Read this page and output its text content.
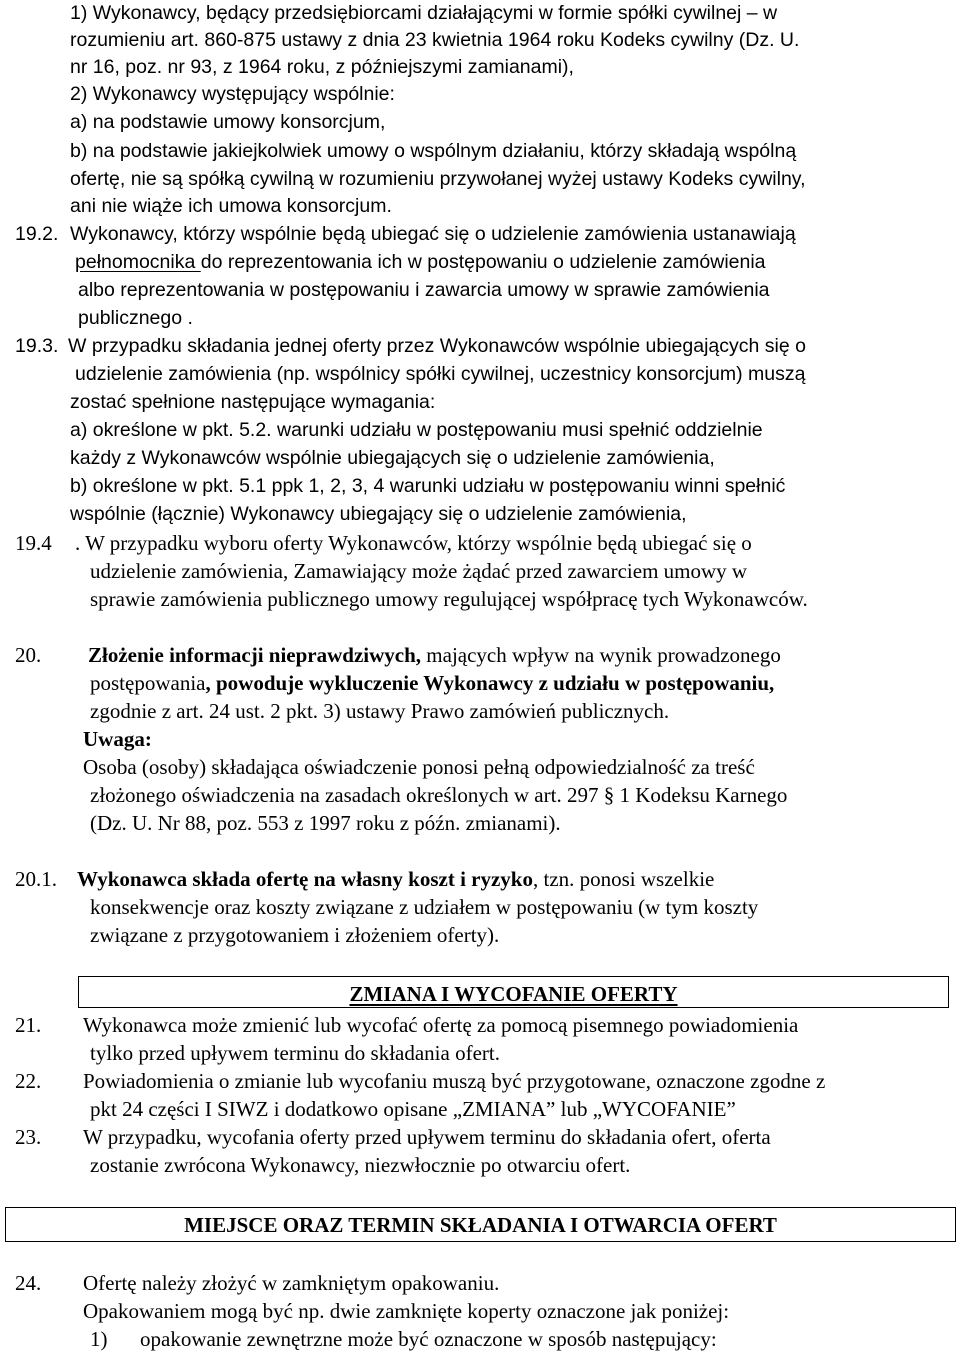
1) Wykonawcy, będący przedsiębiorcami działającymi w formie spółki cywilnej – w
rozumieniu art. 860-875 ustawy z dnia 23 kwietnia 1964 roku Kodeks cywilny (Dz. U.
nr 16, poz. nr 93, z 1964 roku, z późniejszymi zamianami),
2) Wykonawcy występujący wspólnie:
a) na podstawie umowy konsorcjum,
b) na podstawie jakiejkolwiek umowy o wspólnym działaniu, którzy składają wspólną
ofertę, nie są spółką cywilną w rozumieniu przywołanej wyżej ustawy Kodeks cywilny,
ani nie wiąże ich umowa konsorcjum.
19.2. Wykonawcy, którzy wspólnie będą ubiegać się o udzielenie zamówienia ustanawiają
pełnomocnika do reprezentowania ich w postępowaniu o udzielenie zamówienia
albo reprezentowania w postępowaniu i zawarcia umowy w sprawie zamówienia
publicznego .
19.3. W przypadku składania jednej oferty przez Wykonawców wspólnie ubiegających się o
udzielenie zamówienia (np. wspólnicy spółki cywilnej, uczestnicy konsorcjum) muszą
zostać spełnione następujące wymagania:
a) określone w pkt. 5.2. warunki udziału w postępowaniu musi spełnić oddzielnie
każdy z Wykonawców wspólnie ubiegających się o udzielenie zamówienia,
b) określone w pkt. 5.1 ppk 1, 2, 3, 4 warunki udziału w postępowaniu winni spełnić
wspólnie (łącznie) Wykonawcy ubiegający się o udzielenie zamówienia,
19.4 . W przypadku wyboru oferty Wykonawców, którzy wspólnie będą ubiegać się o
udzielenie zamówienia, Zamawiający może żądać przed zawarciem umowy w
sprawie zamówienia publicznego umowy regulującej współpracę tych Wykonawców.
20. Złożenie informacji nieprawdziwych, mających wpływ na wynik prowadzonego
postępowania, powoduje wykluczenie Wykonawcy z udziału w postępowaniu,
zgodnie z art. 24 ust. 2 pkt. 3) ustawy Prawo zamówień publicznych.
Uwaga:
Osoba (osoby) składająca oświadczenie ponosi pełną odpowiedzialność za treść
złożonego oświadczenia na zasadach określonych w art. 297 § 1 Kodeksu Karnego
(Dz. U. Nr 88, poz. 553 z 1997 roku z późn. zmianami).
20.1. Wykonawca składa ofertę na własny koszt i ryzyko, tzn. ponosi wszelkie
konsekwencje oraz koszty związane z udziałem w postępowaniu (w tym koszty
związane z przygotowaniem i złożeniem oferty).
ZMIANA I WYCOFANIE OFERTY
21. Wykonawca może zmienić lub wycofać ofertę za pomocą pisemnego powiadomienia
tylko przed upływem terminu do składania ofert.
22. Powiadomienia o zmianie lub wycofaniu muszą być przygotowane, oznaczone zgodne z
pkt 24 części I SIWZ i dodatkowo opisane „ZMIANA” lub „WYCOFANIE”
23. W przypadku, wycofania oferty przed upływem terminu do składania ofert, oferta
zostanie zwrócona Wykonawcy, niezwłocznie po otwarciu ofert.
MIEJSCE ORAZ TERMIN SKŁADANIA I OTWARCIA OFERT
24. Ofertę należy złożyć w zamkniętym opakowaniu.
Opakowaniem mogą być np. dwie zamknięte koperty oznaczone jak poniżej:
1) opakowanie zewnętrzne może być oznaczone w sposób następujący:
